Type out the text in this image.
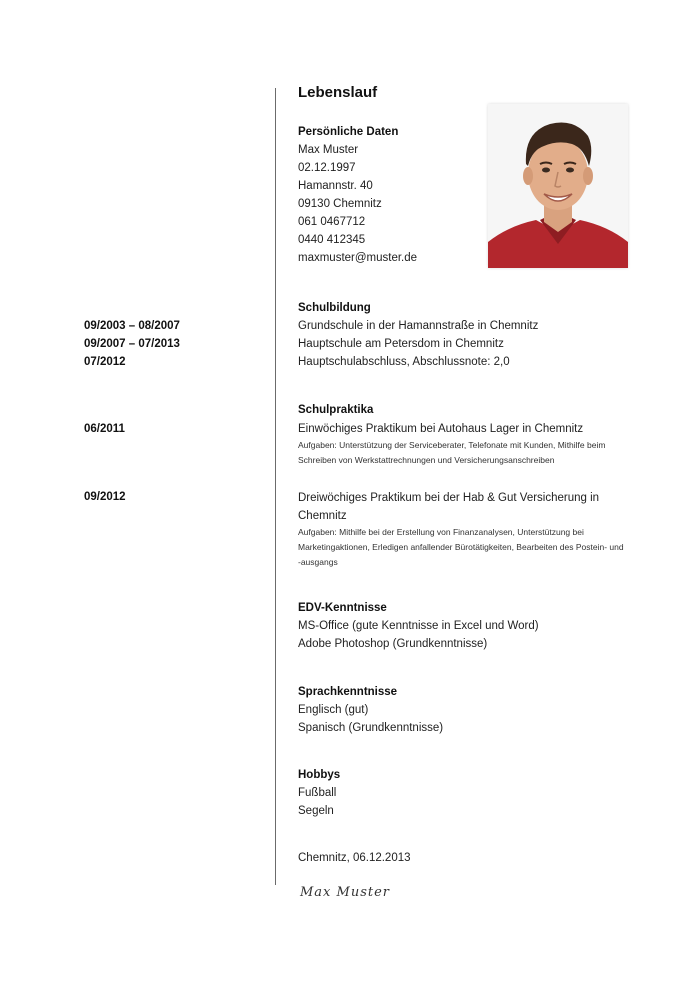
Lebenslauf
Persönliche Daten
Max Muster
02.12.1997
Hamannstr. 40
09130 Chemnitz
061 0467712
0440 412345
maxmuster@muster.de
Schulbildung
09/2003 – 08/2007	Grundschule in der Hamannstraße in Chemnitz
09/2007 – 07/2013	Hauptschule am Petersdom in Chemnitz
07/2012	Hauptschulabschluss, Abschlussnote: 2,0
Schulpraktika
06/2011	Einwöchiges Praktikum bei Autohaus Lager in Chemnitz
Aufgaben: Unterstützung der Serviceberater, Telefonate mit Kunden, Mithilfe beim Schreiben von Werkstattrechnungen und Versicherungsanschreiben
09/2012	Dreiwöchiges Praktikum bei der Hab & Gut Versicherung in Chemnitz
Aufgaben: Mithilfe bei der Erstellung von Finanzanalysen, Unterstützung bei Marketingaktionen, Erledigen anfallender Bürotätigkeiten, Bearbeiten des Postein- und -ausgangs
EDV-Kenntnisse
MS-Office (gute Kenntnisse in Excel und Word)
Adobe Photoshop (Grundkenntnisse)
Sprachkenntnisse
Englisch (gut)
Spanisch (Grundkenntnisse)
Hobbys
Fußball
Segeln
Chemnitz, 06.12.2013
Max Muster
